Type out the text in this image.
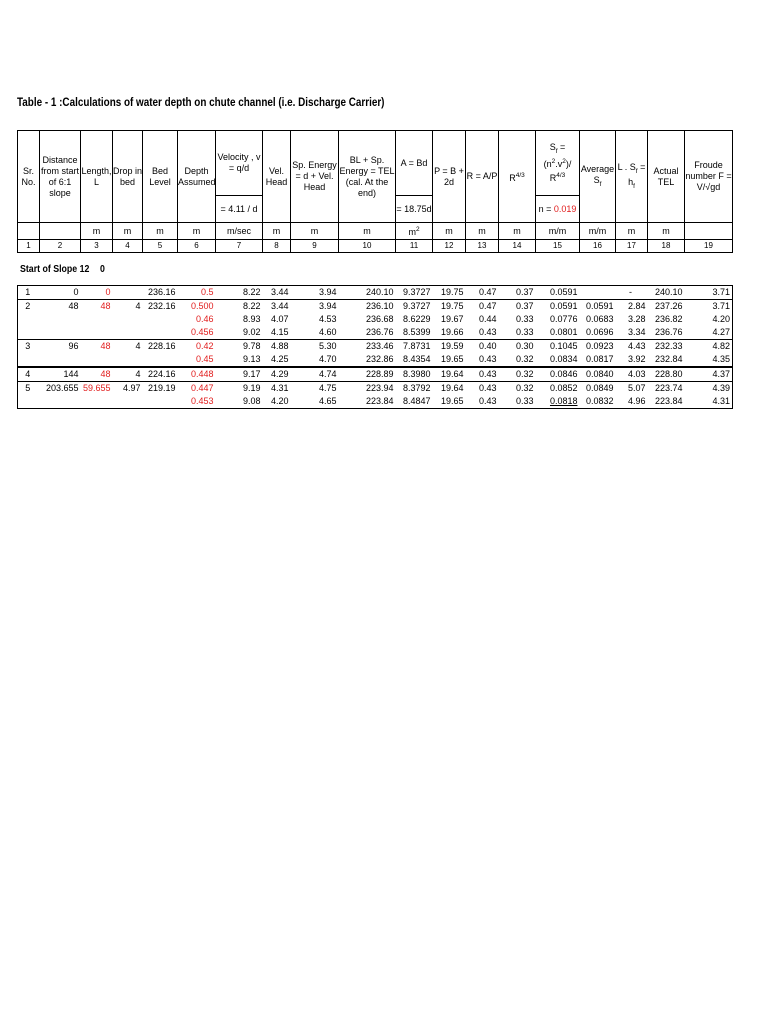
Table - 1 :Calculations of water depth on chute channel (i.e. Discharge Carrier)
Sr. No.	Distance from start of 6:1 slope	Length, L	Drop in bed	Bed Level	Depth Assumed	Velocity , v = q/d	Vel. Head	Sp. Energy = d + Vel. Head	BL + Sp. Energy = TEL (cal. At the end)	A = Bd	P = B + 2d	R = A/P	$R^{4/3}$	$S_f$ =
$(n^2.v^2)/$
$R^{4/3}$	Average
$S_f$	L . $S_f$ =
$h_f$	Actual TEL	Froude number F = V/√gd
						= 4.11 / d				= 18.75d				n = 0.019				
		m	m	m	m	m/sec	m	m	m	$m^2$	m	m	m	m/m	m/m	m	m	
1	2	3	4	5	6	7	8	9	10	11	12	13	14	15	16	17	18	19
Start of Slope 12 0
1	0	0		236.16	0.5	8.22	3.44	3.94	240.10	9.3727	19.75	0.47	0.37	0.0591		-	240.10	3.71
2	48	48	4	232.16	0.500	8.22	3.44	3.94	236.10	9.3727	19.75	0.47	0.37	0.0591	0.0591	2.84	237.26	3.71
					0.46	8.93	4.07	4.53	236.68	8.6229	19.67	0.44	0.33	0.0776	0.0683	3.28	236.82	4.20
					0.456	9.02	4.15	4.60	236.76	8.5399	19.66	0.43	0.33	0.0801	0.0696	3.34	236.76	4.27
3	96	48	4	228.16	0.42	9.78	4.88	5.30	233.46	7.8731	19.59	0.40	0.30	0.1045	0.0923	4.43	232.33	4.82
					0.45	9.13	4.25	4.70	232.86	8.4354	19.65	0.43	0.32	0.0834	0.0817	3.92	232.84	4.35
4	144	48	4	224.16	0.448	9.17	4.29	4.74	228.89	8.3980	19.64	0.43	0.32	0.0846	0.0840	4.03	228.80	4.37
5	203.655	59.655	4.97	219.19	0.447	9.19	4.31	4.75	223.94	8.3792	19.64	0.43	0.32	0.0852	0.0849	5.07	223.74	4.39
					0.453	9.08	4.20	4.65	223.84	8.4847	19.65	0.43	0.33	0.0818	0.0832	4.96	223.84	4.31
